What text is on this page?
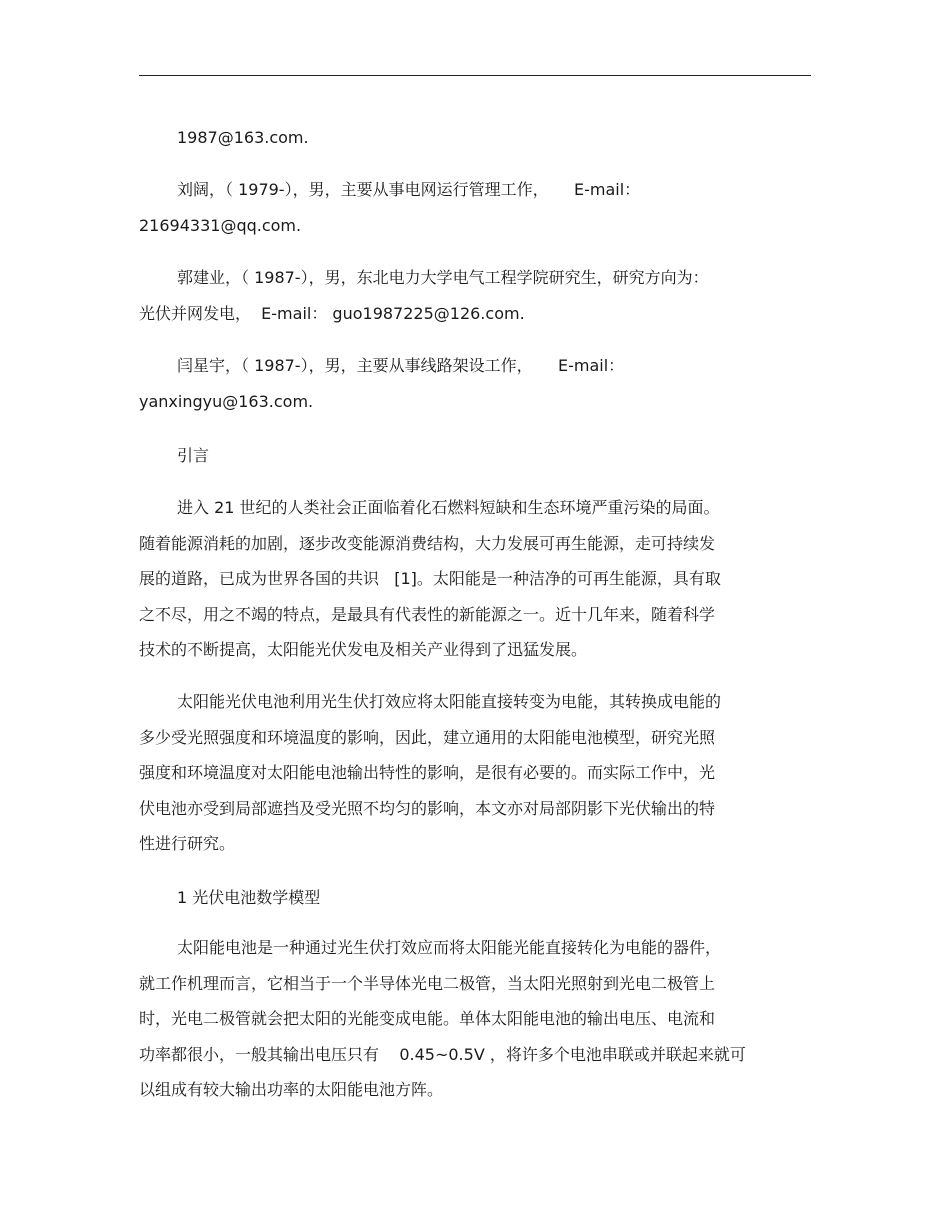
1987@163.com.

刘阔，（ 1979-），男，主要从事电网运行管理工作，     E-mail：
21694331@qq.com.

郭建业，（ 1987-），男，东北电力大学电气工程学院研究生，研究方向为：
光伏并网发电，  E-mail： guo1987225@126.com.

闫星宇，（ 1987-），男，主要从事线路架设工作，     E-mail：
yanxingyu@163.com.

引言

进入 21 世纪的人类社会正面临着化石燃料短缺和生态环境严重污染的局面。
随着能源消耗的加剧，逐步改变能源消费结构，大力发展可再生能源，走可持续发
展的道路，已成为世界各国的共识   [1]。太阳能是一种洁净的可再生能源，具有取
之不尽，用之不竭的特点，是最具有代表性的新能源之一。近十几年来，随着科学
技术的不断提高，太阳能光伏发电及相关产业得到了迅猛发展。

太阳能光伏电池利用光生伏打效应将太阳能直接转变为电能，其转换成电能的
多少受光照强度和环境温度的影响，因此，建立通用的太阳能电池模型，研究光照
强度和环境温度对太阳能电池输出特性的影响，是很有必要的。而实际工作中，光
伏电池亦受到局部遮挡及受光照不均匀的影响，本文亦对局部阴影下光伏输出的特
性进行研究。

1 光伏电池数学模型

太阳能电池是一种通过光生伏打效应而将太阳能光能直接转化为电能的器件，
就工作机理而言，它相当于一个半导体光电二极管，当太阳光照射到光电二极管上
时，光电二极管就会把太阳的光能变成电能。单体太阳能电池的输出电压、电流和
功率都很小，一般其输出电压只有    0.45~0.5V ，将许多个电池串联或并联起来就可
以组成有较大输出功率的太阳能电池方阵。
